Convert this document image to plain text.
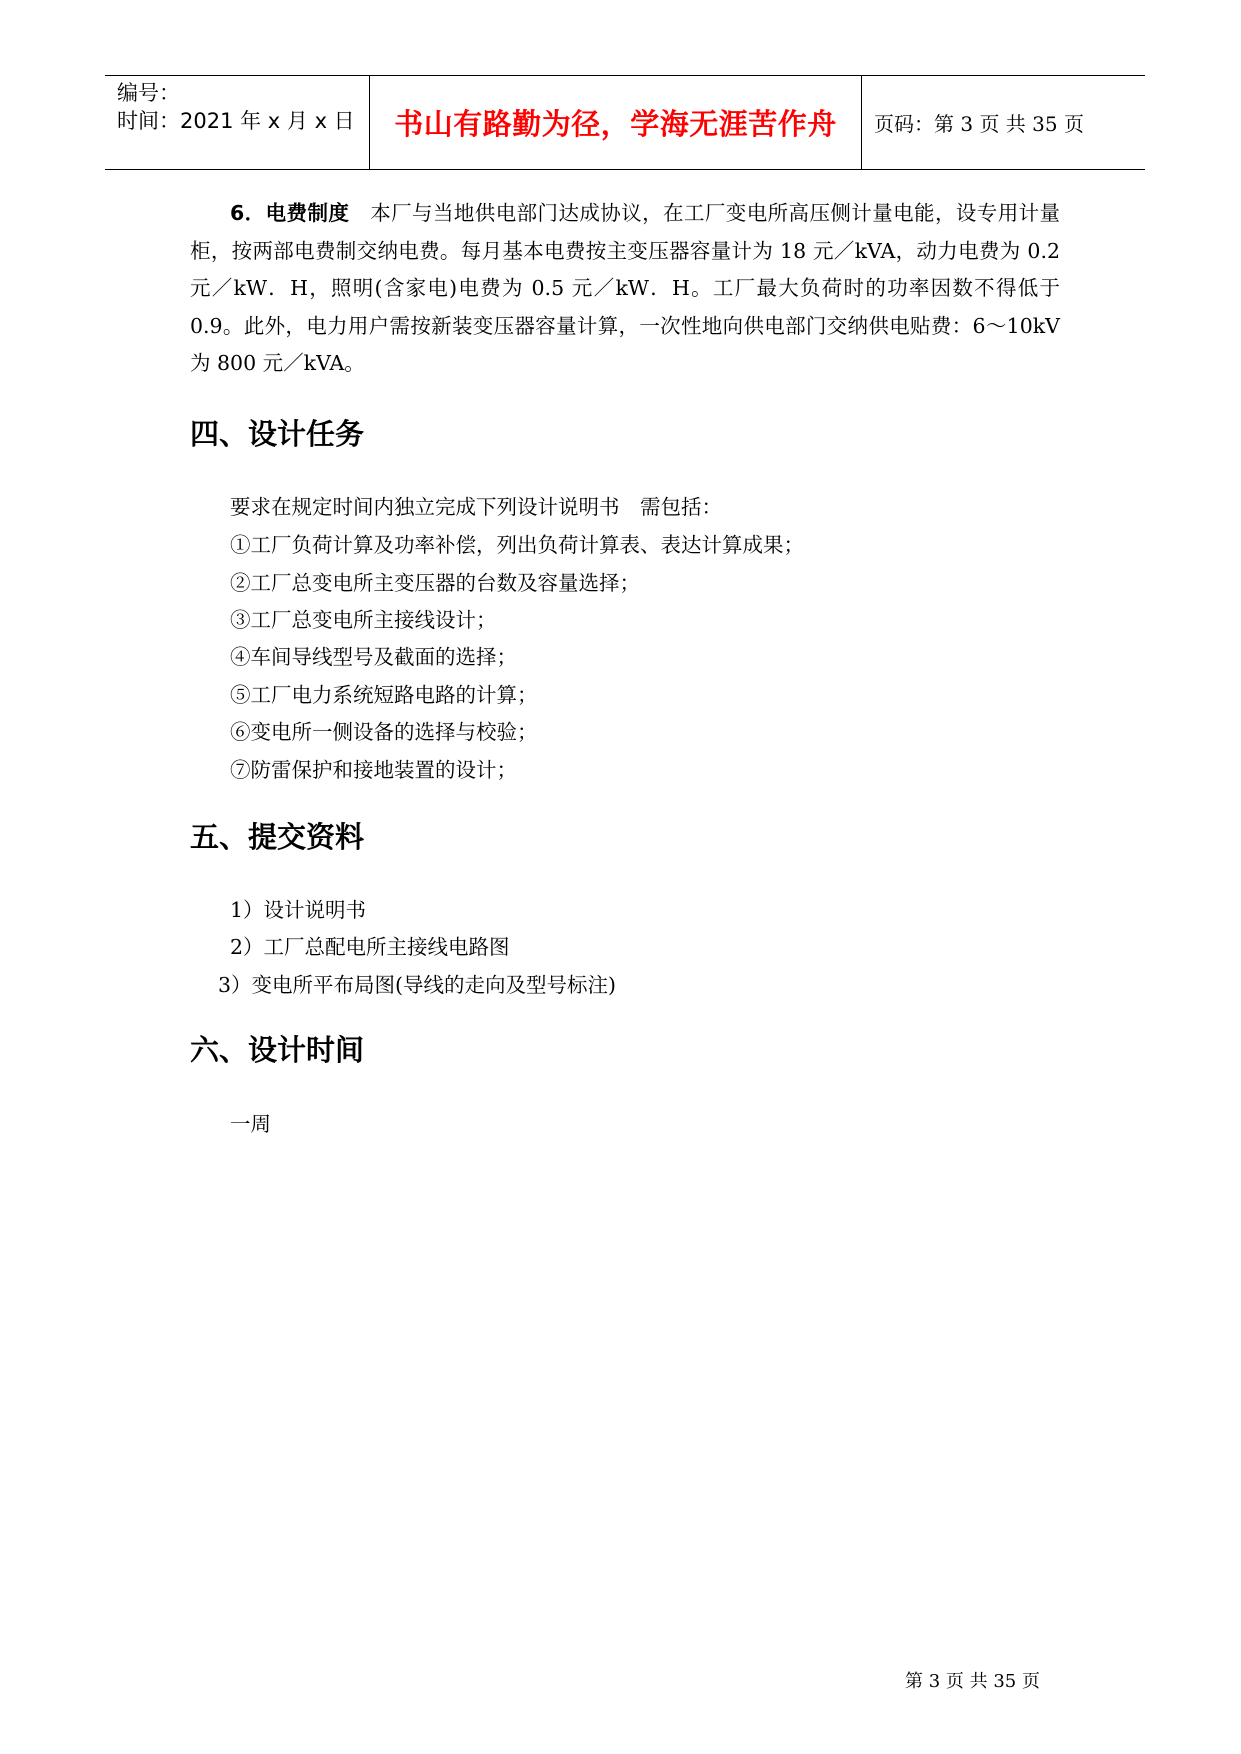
编号：
时间：2021 年 x 月 x 日	书山有路勤为径，学海无涯苦作舟	页码：第 3 页 共 35 页
6．电费制度　 本厂与当地供电部门达成协议，在工厂变电所高压侧计量电能，设专用计量柜，按两部电费制交纳电费。每月基本电费按主变压器容量计为 18 元／kVA，动力电费为 0.2 元／kW．H，照明(含家电)电费为 0.5 元／kW．H。工厂最大负荷时的功率因数不得低于 0.9。此外，电力用户需按新装变压器容量计算，一次性地向供电部门交纳供电贴费：6～10kV 为 800 元／kVA。
四、设计任务
要求在规定时间内独立完成下列设计说明书　需包括：
①工厂负荷计算及功率补偿，列出负荷计算表、表达计算成果；
②工厂总变电所主变压器的台数及容量选择；
③工厂总变电所主接线设计；
④车间导线型号及截面的选择；
⑤工厂电力系统短路电路的计算；
⑥变电所一侧设备的选择与校验；
⑦防雷保护和接地装置的设计；
五、提交资料
1）设计说明书
2）工厂总配电所主接线电路图
3）变电所平布局图(导线的走向及型号标注)
六、设计时间
一周
第 3 页 共 35 页
